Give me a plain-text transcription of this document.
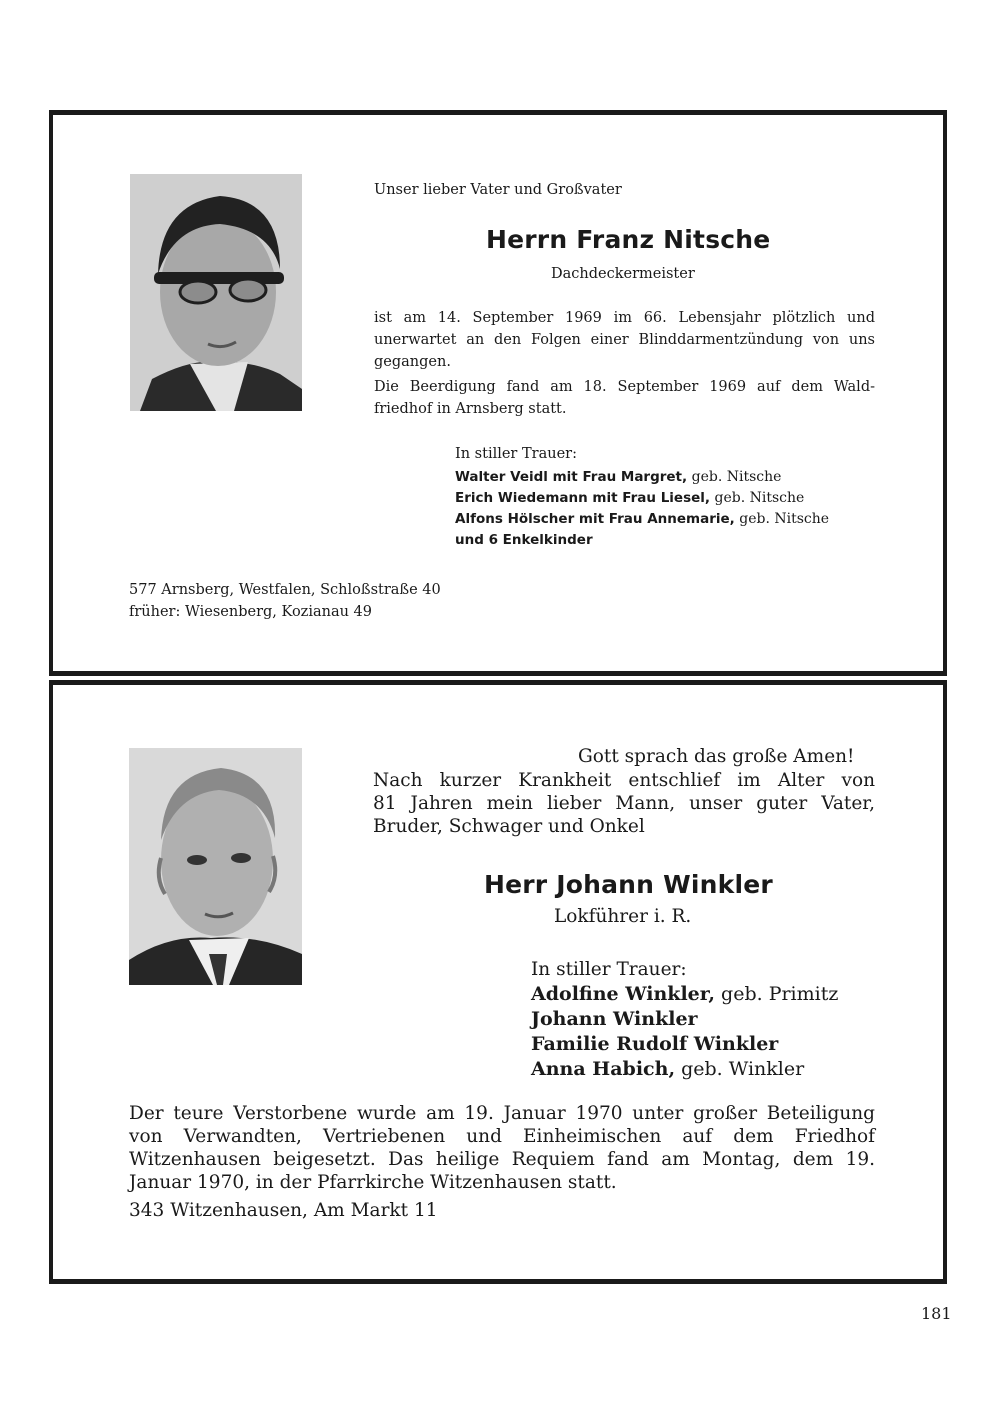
Unser lieber Vater und Großvater

Herrn Franz Nitsche

Dachdeckermeister

ist am 14. September 1969 im 66. Lebensjahr plötzlich und
unerwartet an den Folgen einer Blinddarmentzündung von uns
gegangen.
Die Beerdigung fand am 18. September 1969 auf dem Wald-
friedhof in Arnsberg statt.

In stiller Trauer:

Walter Veidl mit Frau Margret, geb. Nitsche
Erich Wiedemann mit Frau Liesel, geb. Nitsche
Alfons Hölscher mit Frau Annemarie, geb. Nitsche
und 6 Enkelkinder
577 Arnsberg, Westfalen, Schloßstraße 40
früher: Wiesenberg, Kozianau 49

Gott sprach das große Amen!

Nach kurzer Krankheit entschlief im Alter von
81 Jahren mein lieber Mann, unser guter Vater,
Bruder, Schwager und Onkel

Herr Johann Winkler

Lokführer i. R.

In stiller Trauer:

Adolfine Winkler, geb. Primitz
Johann Winkler
Familie Rudolf Winkler
Anna Habich, geb. Winkler
Der teure Verstorbene wurde am 19. Januar 1970 unter großer Beteiligung
von Verwandten, Vertriebenen und Einheimischen auf dem Friedhof
Witzenhausen beigesetzt. Das heilige Requiem fand am Montag, dem 19.
Januar 1970, in der Pfarrkirche Witzenhausen statt.

343 Witzenhausen, Am Markt 11

181
